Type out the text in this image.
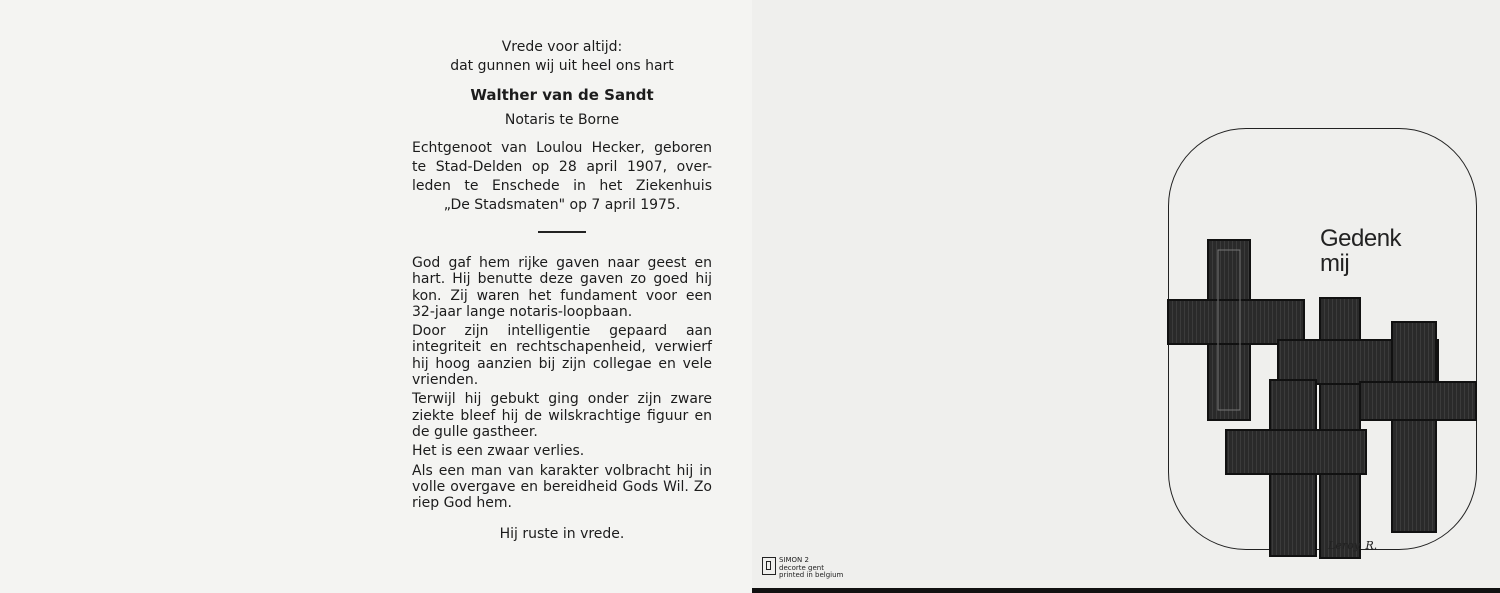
Vrede voor altijd:
dat gunnen wij uit heel ons hart
Walther van de Sandt
Notaris te Borne
Echtgenoot van Loulou Hecker, geboren
te Stad-Delden op 28 april 1907, over-
leden te Enschede in het Ziekenhuis
„De Stadsmaten" op 7 april 1975.

God gaf hem rijke gaven naar geest en hart. Hij benutte deze gaven zo goed hij kon. Zij waren het fundament voor een 32-jaar lange notaris-loopbaan.

Door zijn intelligentie gepaard aan integriteit en rechtschapenheid, verwierf hij hoog aanzien bij zijn collegae en vele vrienden.

Terwijl hij gebukt ging onder zijn zware ziekte bleef hij de wilskrachtige figuur en de gulle gastheer.

Het is een zwaar verlies.

Als een man van karakter volbracht hij in volle overgave en bereidheid Gods Wil. Zo riep God hem.

Hij ruste in vrede.
SIMON 2
decorte gent
printed in belgium
Gedenk
mij
Leroy. R.
